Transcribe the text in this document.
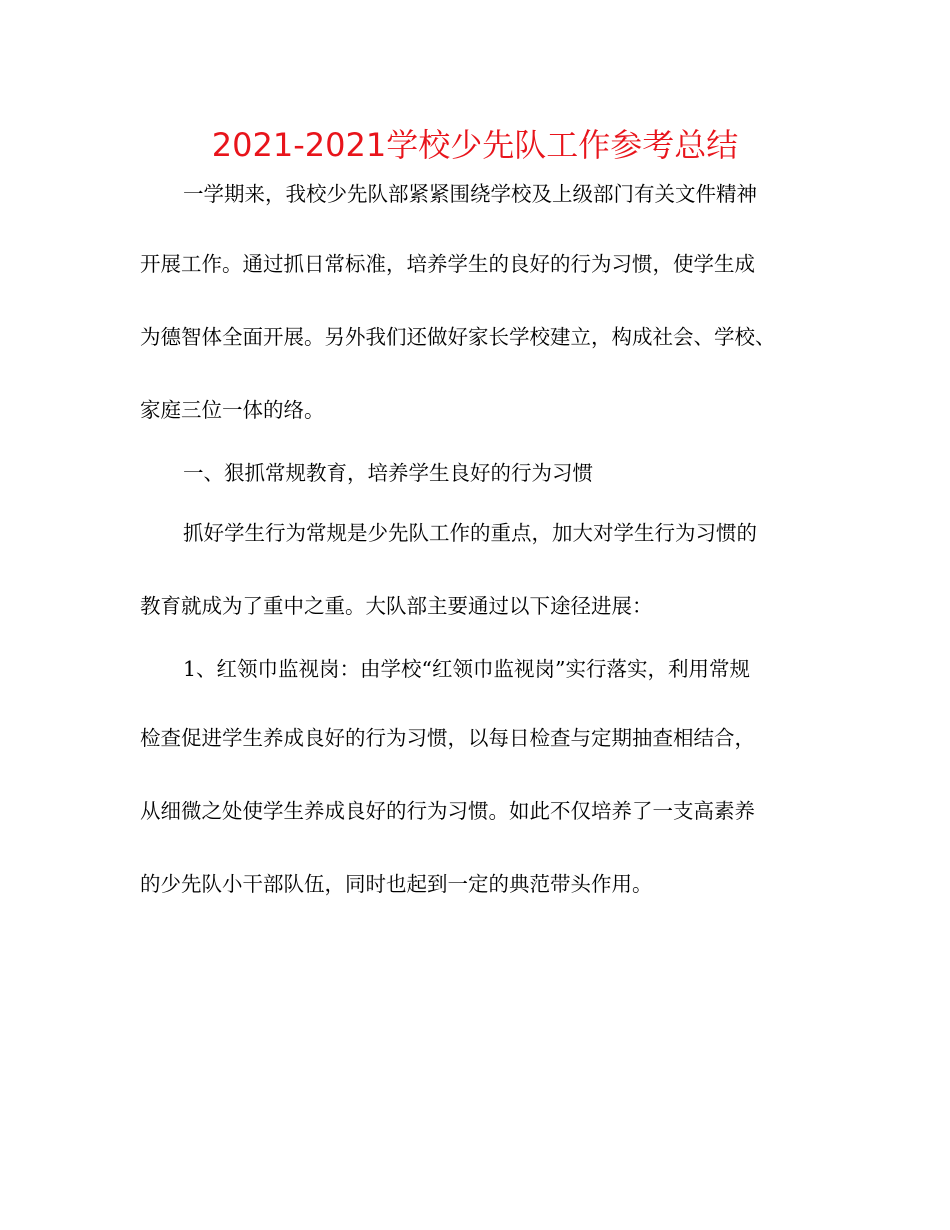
2021-2021学校少先队工作参考总结
一学期来，我校少先队部紧紧围绕学校及上级部门有关文件精神
开展工作。通过抓日常标准，培养学生的良好的行为习惯，使学生成
为德智体全面开展。另外我们还做好家长学校建立，构成社会、学校、
家庭三位一体的络。
一、狠抓常规教育，培养学生良好的行为习惯
抓好学生行为常规是少先队工作的重点，加大对学生行为习惯的
教育就成为了重中之重。大队部主要通过以下途径进展：
1、红领巾监视岗：由学校“红领巾监视岗”实行落实，利用常规
检查促进学生养成良好的行为习惯，以每日检查与定期抽查相结合，
从细微之处使学生养成良好的行为习惯。如此不仅培养了一支高素养
的少先队小干部队伍，同时也起到一定的典范带头作用。
